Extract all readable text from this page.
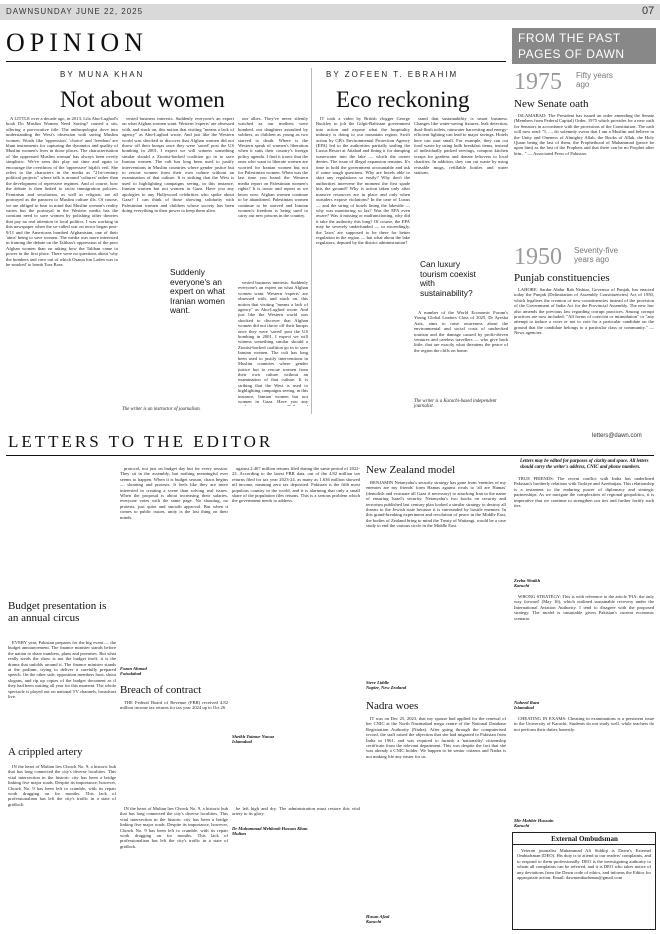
DAWN SUNDAY JUNE 22, 2025	07
OPINION	FROM THE PAST
PAGES OF DAWN
BY MUNA KHAN
Not about women

A LITTLE over a decade ago, in 2013, Lila Abu-Lughod's book Do Muslim Women Need Saving? caused a stir, offering a provocative title. The anthropologist dove into understanding the West's obsession with saving Muslim women. Words like 'oppression', 'choice' and 'freedom' are blunt instruments for capturing the dynamics and quality of Muslim women's lives in those places. The characterisation of 'the oppressed Muslim woman' has always been overly simplistic. We've seen this play out time and again to encourage the overthrow of the 'oppressive' hijab's veil. She refers to the characters in the media as "21st-century political projects" where talk is around 'cultures' rather than the development of repressive regimes. And of course, how the debate is then linked to racist immigration policies. Feminism and secularism, as well as religion, are all portrayed as the panacea to Muslim culture ills. Of course, we are obliged to bear in mind that Muslim women's reality varies but the portrayal in the Western media has the constant need to save women by polishing other theories that pay no real attention to local politics. I was working in this newspaper when the so-called war on terror began post-9/11 and the Americans bombed Afghanistan, one of their 'aims' being to save women. The media was more interested in framing the debate on the Taliban's oppression of the poor Afghan women than on asking how the Taliban came to power in the first place. There were no questions about 'why the bombers and cave out of which Osama bin Laden was to be smoked' to bomb Tora Bora.

vested business interests. Suddenly everyone's an expert on what Afghan women want. Western 'experts' are obsessed with, and stuck on, this notion that visiting "means a lack of agency" as Abu-Lughod wrote. And just like the Western world was shocked to discover that Afghan women did not throw off their burqas once they were 'saved' post the US bombing in 2001, I expect we will witness something similar should a Zionist-backed coalition go in to save Iranian women. The cult has long been used to justify interventions in Muslim countries where gender justice but to rescue women from their own culture without an examination of that culture. It is striking that the West is used to highlighting campaigns seeing, in this instance, Iranian women but not women in Gaza. Have you any apologies to any Hollywood celebrities who spoke about Gaza? I can think of those showing solidarity with Palestinian women and children whose society has been doing everything in their power to keep them alive.

our allies. They've never silently watched as our mothers were bombed, our daughters assaulted by soldiers, as children as young as two starved to death. Where is the Western speak of women's liberation when it suits their country's foreign policy agenda. I find it ironic that the ones who want to liberate women are worried for Iranian women but not for Palestinian women. When was the last time you heard the Western media report on Palestinian women's rights? It is ironic and repeat as we know now. Afghan women continue to be abandoned, Palestinian women continue to be starved and Iranian women's freedom is being used to carry out new prisons in the country.

Suddenly everyone's an expert on what Iranian women want.

vested business interests. Suddenly everyone's an expert on what Afghan women want. Western 'experts' are obsessed with, and stuck on, this notion that visiting "means a lack of agency" as Abu-Lughod wrote. And just like the Western world was shocked to discover that Afghan women did not throw off their burqas once they were 'saved' post the US bombing in 2001, I expect we will witness something similar should a Zionist-backed coalition go in to save Iranian women. The cult has long been used to justify interventions in Muslim countries where gender justice but to rescue women from their own culture without an examination of that culture. It is striking that the West is used to highlighting campaigns seeing, in this instance, Iranian women but not women in Gaza. Have you any

The writer is an instructor of journalism.
BY ZOFEEN T. EBRAHIM
Eco reckoning

IT took a video by British vlogger George Buckley to jolt the Gilgit-Baltistan government into action and expose what the hospitality industry is doing to our mountain region. Swift action by GB's Environmental Protection Agency (EPA) led to the authorities partially sealing the Luxus Resort at Attabad and fining it for dumping wastewater into the lake — which the owner denies. The issue of illegal expansion remains. It's time to hold the government accountable and ask if some tough questions. Why are hotels able to skirt any regulations so easily? Why don't the authorities intervene the moment the first spade hits the ground? Why is action taken only after massive resources are in place and only when outsiders expose violations? In the case of Luxus — and the string of hotels lining the lakeside — why was monitoring so lax? Was the EPA even aware? Was it missing or malfunctioning, why did it take the authority this long? Of course, the EPA may be severely underfunded — or exceedingly, the 'laws' are supposed to be there for better regulation in the region — but what about the lake regulators, deputed by the district administration?

stand that sustainability is smart business. Changes like water-saving fixtures, leak detection, dual-flush toilets, rainwater harvesting and energy-efficient lighting can lead to major savings. Hotels here can start small. For example, they can cut food waste by using bulk breakfast items, instead of individually packed servings, compost kitchen scraps for gardens and donate leftovers to local charities. In addition, they can cut waste by using reusable mugs, refillable bottles and water stations.

Can luxury tourism coexist with sustainability?

A number of the World Economic Forum's Young Global Leaders Class of 2025, Dr Ayesha Aziz, aims to raise awareness about the environmental and social costs of unchecked tourism and the damage caused by profit-driven ventures and careless travellers — who give back little, that are exactly what threatens the peace of the region the cliffs on home.

The writer is a Karachi-based independent journalist.
1975 Fifty years ago
New Senate oath

ISLAMABAD: The President has issued an order amending the Senate (Members from Federal Capital) Order, 1975 which provides for a new oath for Senators in accordance with the provisions of the Constitution. The oath will now read: "I, ..., do solemnly swear that I am a Muslim and believe in the Unity and Oneness of Almighty Allah, the Books of Allah, the Holy Quran being the last of them, the Prophethood of Muhammad (peace be upon him) as the last of the Prophets and that there can be no Prophet after him..." — Associated Press of Pakistan.

1950 Seventy-five years ago
Punjab constituencies

LAHORE: Sardar Abdur Rab Nishtar, Governor of Punjab, has enacted today the Punjab (Delimitation of Assembly Constituencies) Act of 1950, which legalises the creation of new constituencies instead of the provision of the Government of India Act for the Provincial Assembly. The new law also amends the previous law regarding corrupt practices. Among corrupt practices are now included: "All forms of coercion or intimidation" or "any attempt to induce a voter or not to vote for a particular candidate on the ground that the candidate belongs to a particular class or community." — News agencies.

LETTERS TO THE EDITOR	letters@dawn.com
Letters may be edited for purposes of clarity and space. All letters should carry the writer's address, CNIC and phone numbers.
Budget presentation is an annual circus

EVERY year, Pakistan prepares for the big event — the budget announcement. The finance minister stands before the nation to share numbers, plans and promises. But what really steals the show is not the budget itself, it is the drama that unfolds around it. The finance minister stands at the podium, trying to deliver a carefully prepared speech. On the other side, opposition members hoot, shout slogans, and rip up copies of the budget document as if they had been waiting all year for this moment. The whole spectacle is played out on national TV channels, broadcast live.

A crippled artery

IN the heart of Multan lies Chowk No. 9, a historic hub that has long connected the city's diverse localities. This vital intersection in the historic city has been a bridge linking five major roads. Despite its importance, however, Chowk No. 9 has been left to crumble, with its repair work dragging on for months. This lack of professionalism has left the city's traffic in a state of gridlock.

protocol, not just on budget day but for every session. They sit in the assembly, but nothing meaningful ever seems to happen. When it is budget season, chaos begins — shouting and protests. It feels like they are more interested in creating a scene than solving real issues. When the proposal is about increasing their salaries, everyone votes with the same page. No shouting, no protests, just quiet and smooth approval. But when it comes to public issues, unity is the last thing on their minds.

Fozan Ahmad
Faisalabad
Breach of contract

THE Federal Board of Revenue (FBR) received 4.82 million income tax returns for tax year 2024 up to Oct 26

IN the heart of Multan lies Chowk No. 9, a historic hub that has long connected the city's diverse localities. This vital intersection in the historic city has been a bridge linking five major roads. Despite its importance, however, Chowk No. 9 has been left to crumble, with its repair work dragging on for months. This lack of professionalism has left the city's traffic in a state of gridlock.

against 2.407 million returns filed during the same period of 2022-23. According to the latest FBR data, out of the 4.82 million tax returns filed for tax year 2023-24, as many as 1.636 million showed nil income, meaning zero tax deposited. Pakistan is the fifth most populous country in the world, and it is alarming that only a small share of the population files returns. This is a serious problem which the government needs to address.

Sheikh Taimur Nawaz
Islamabad

be left high and dry. The administration must restore this vital artery to its glory.

Dr Muhammad Mehboob Hassan Khan
Multan
New Zealand model

BENJAMIN Netanyahu's security strategy has gone from 'enemies of my enemies are my friends' form Hamas against rivals to 'all are Hamas' (demolish and evacuate all Gaza if necessary) to attacking Iran in the name of ensuring Israel's security. Netanyahu's two books on security and terrorism published last century plan looked a similar strategy to destroy all threats to the Jewish state because it is surrounded by hostile enemies. In this grand-breaking experiment and revolution of peace in the Middle East, the bodies of Zealand bring to mind the Treaty of Waitangi, would be a case study to end the various circle in the Middle East.

Steve Liddle
Napier, New Zealand
Nadra woes

IT was on Dec 25, 2023, that my spouse had applied for the renewal of her CNIC at the North Nazimabad mega centre of the National Database Registration Authority (Nadra). After going through the computerised record, the staff raised the objection that she had migrated to Pakistan from India in 1961, and was required to furnish a 'nationality' citizenship certificate from the relevant department. This was despite the fact that she was already a CNIC holder. We happen to be senior citizens and Nadra is not making life any easier for us.

Hasan Afzal
Karachi

TRUE FRIENDS: The recent conflict with India has underlined Pakistan's brotherly relations with Turkiye and Azerbaijan. This relationship is a testament to the enduring power of diplomacy and strategic partnerships. As we navigate the complexities of regional geopolitics, it is imperative that we continue to strengthen our ties and further fortify such ties.

Zeeba Shaikh
Karachi

WRONG STRATEGY: This is with reference to the article 'PIA: the only way forward' (May 16), which outlined sustainable recovery under the International Aviation Authority. I tend to disagree with the proposed strategy. The model is unsuitable given Pakistan's current economic scenario.

Naheed Raza
Islamabad

CHEATING IN EXAMS: Cheating in examinations is a persistent issue in the University of Karachi. Students do not study well, while teachers do not perform their duties honestly.

Mir Mahbir Hussain
Karachi
External Ombudsman

Veteran journalist Muhammad Ali Siddiqi is Dawn's External Ombudsman (DEO). His duty is to attend to our readers' complaints, and to respond to them professionally. DEO is the investigating authority to whom all complaints can be referred, and it is DEO who takes notice of any deviations from the Dawn code of ethics, and informs the Editor for appropriate action. Email: dawnombudsman@gmail.com
